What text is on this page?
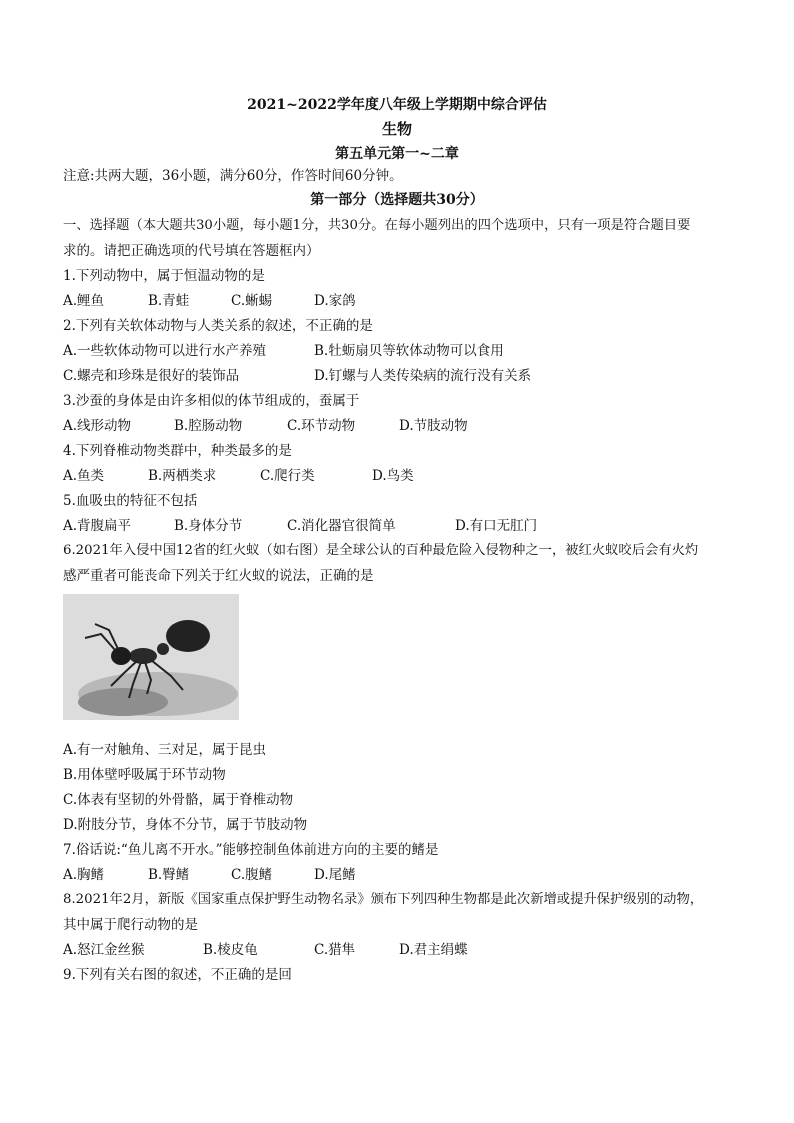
2021~2022学年度八年级上学期期中综合评估
生物
第五单元第一~二章
注意:共两大题，36小题，满分60分，作答时间60分钟。
第一部分（选择题共30分）
一、选择题（本大题共30小题，每小题1分，共30分。在每小题列出的四个选项中，只有一项是符合题目要
求的。请把正确选项的代号填在答题框内）
1.下列动物中，属于恒温动物的是
A.鲤鱼	B.青蛙	C.蜥蜴	D.家鸽
2.下列有关软体动物与人类关系的叙述，不正确的是
A.一些软体动物可以进行水产养殖	B.牡蛎扇贝等软体动物可以食用
C.螺壳和珍珠是很好的装饰品	D.钉螺与人类传染病的流行没有关系
3.沙蚕的身体是由许多相似的体节组成的，蚕属于
A.线形动物	B.腔肠动物	C.环节动物	D.节肢动物
4.下列脊椎动物类群中，种类最多的是
A.鱼类	B.两栖类求	C.爬行类	D.鸟类
5.血吸虫的特征不包括
A.背腹扁平	B.身体分节	C.消化器官很简单	D.有口无肛门
6.2021年入侵中国12省的红火蚁（如右图）是全球公认的百种最危险入侵物种之一，被红火蚁咬后会有火灼
感严重者可能丧命下列关于红火蚁的说法，正确的是
A.有一对触角、三对足，属于昆虫
B.用体壁呼吸属于环节动物
C.体表有坚韧的外骨骼，属于脊椎动物
D.附肢分节，身体不分节，属于节肢动物
7.俗话说:“鱼儿离不开水。”能够控制鱼体前进方向的主要的鳍是
A.胸鳍	B.臀鳍	C.腹鳍	D.尾鳍
8.2021年2月，新版《国家重点保护野生动物名录》颁布下列四种生物都是此次新增或提升保护级别的动物，
其中属于爬行动物的是
A.怒江金丝猴	B.棱皮龟	C.猎隼	D.君主绢蝶
9.下列有关右图的叙述，不正确的是回
